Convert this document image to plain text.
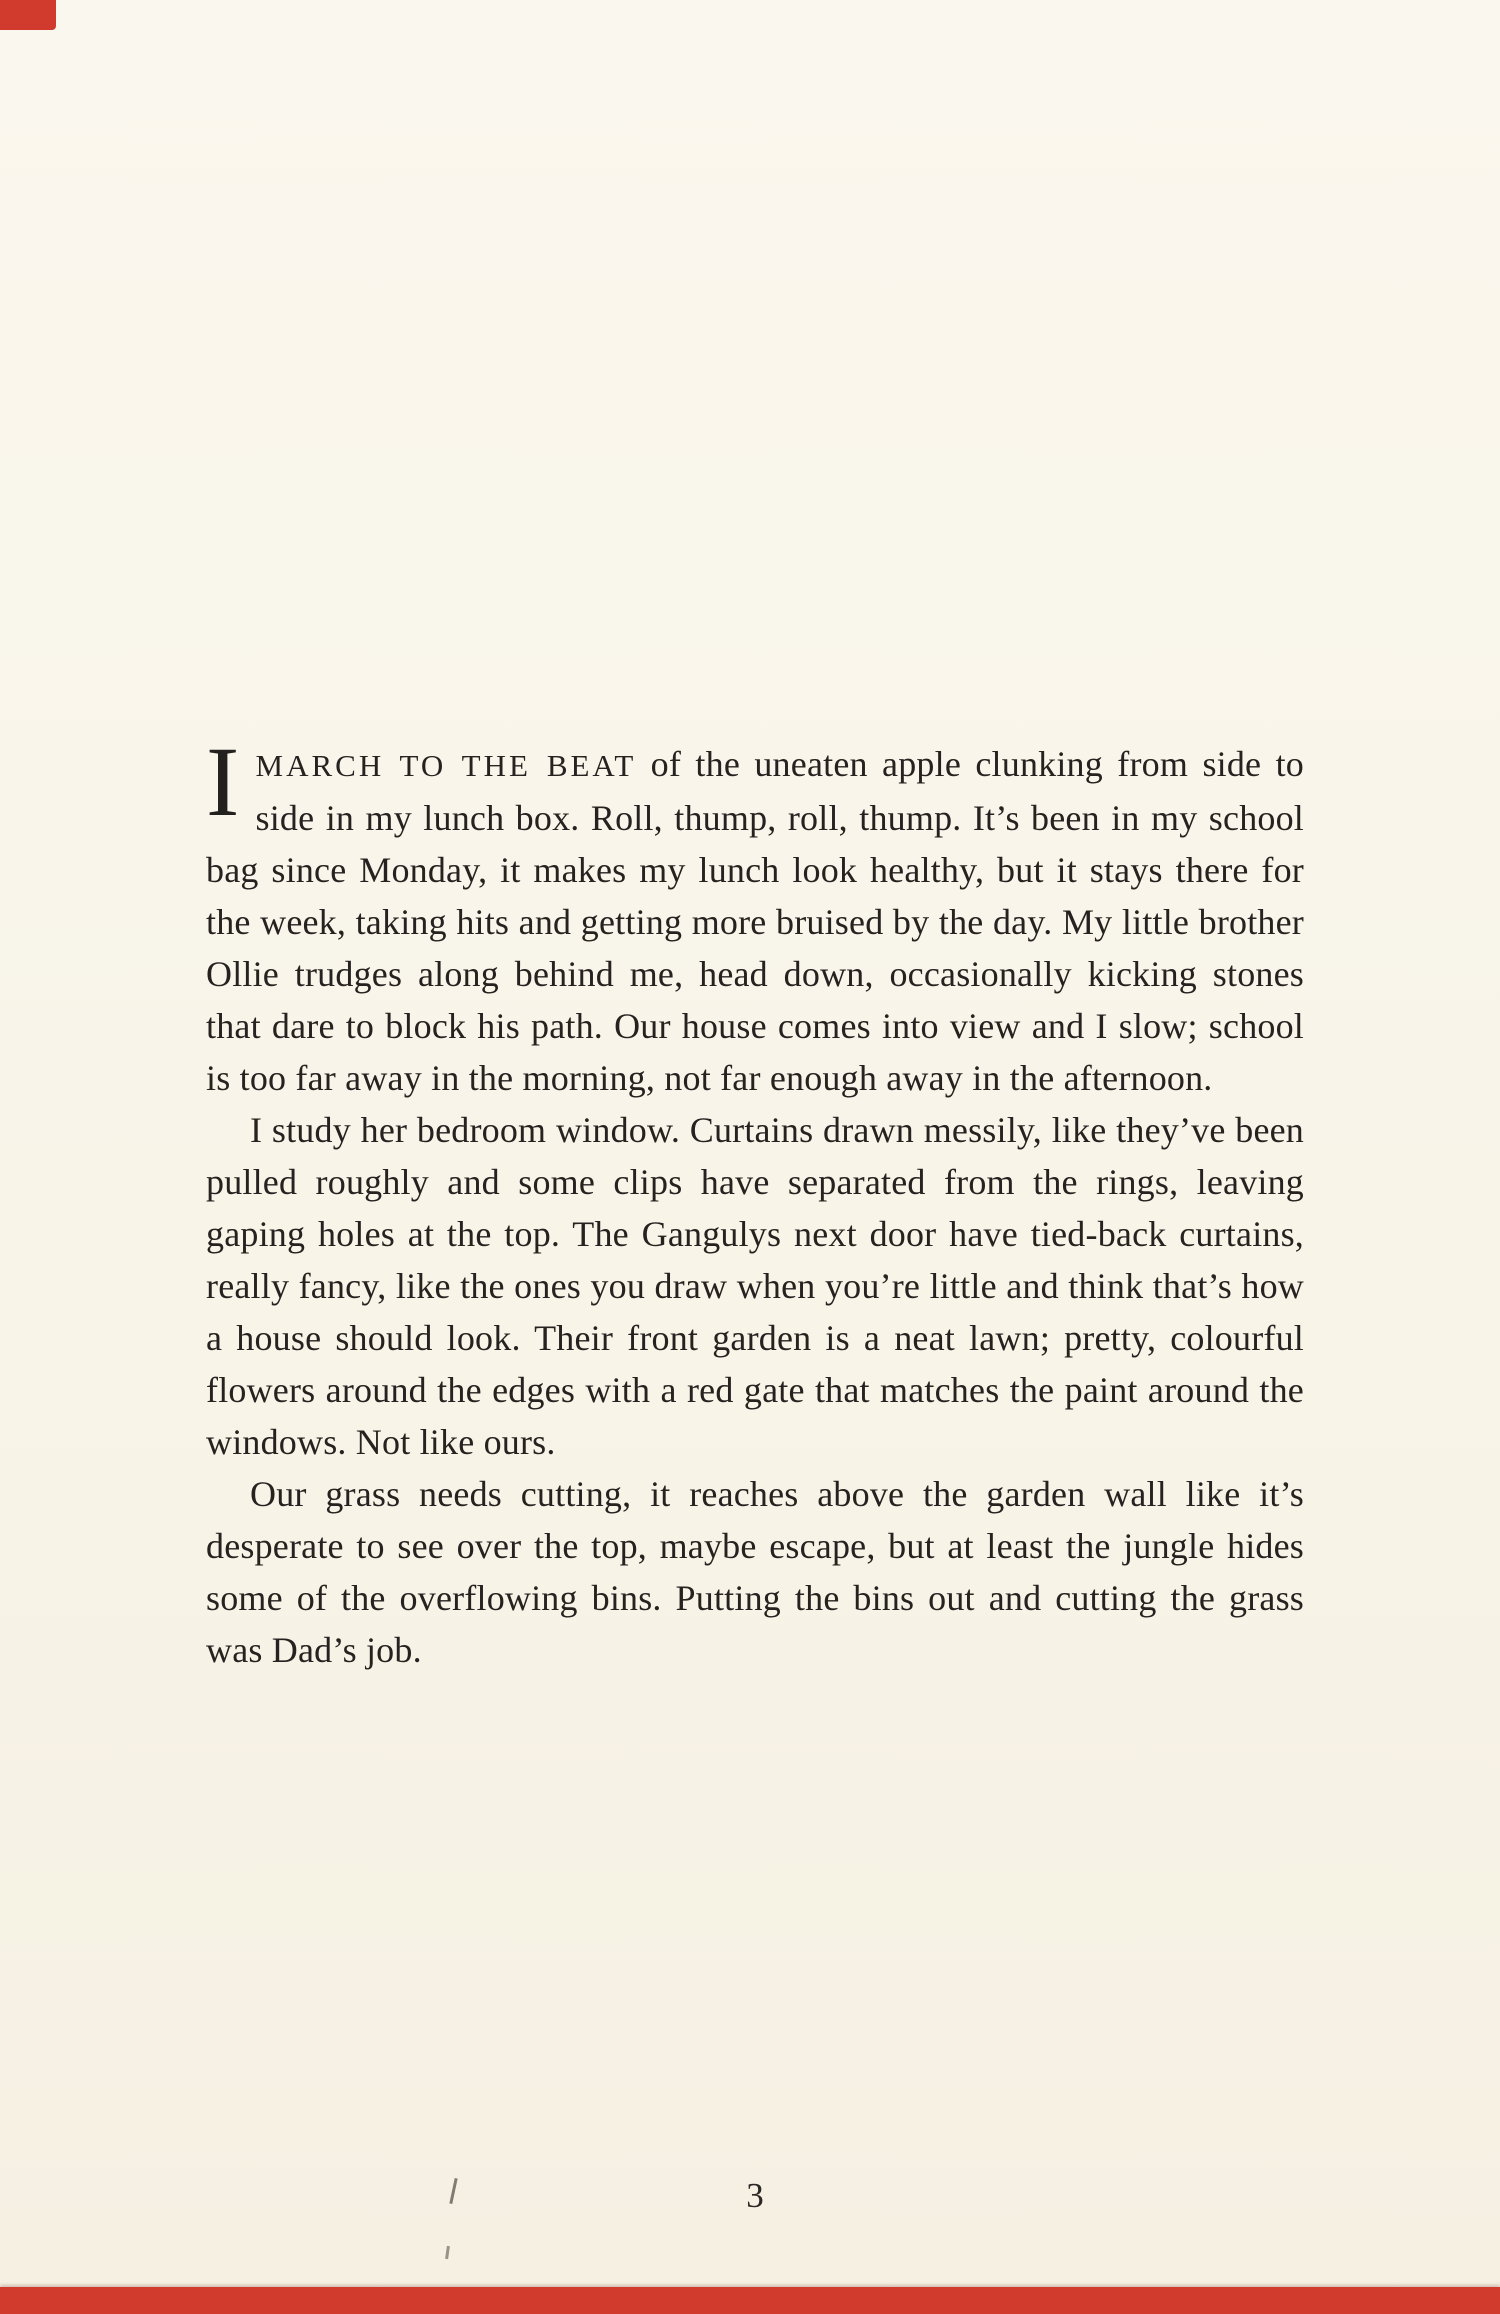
IMARCH TO THE BEAT of the uneaten apple clunking from side to side in my lunch box. Roll, thump, roll, thump. It’s been in my school bag since Monday, it makes my lunch look healthy, but it stays there for the week, taking hits and getting more bruised by the day. My little brother Ollie trudges along behind me, head down, occasionally kicking stones that dare to block his path. Our house comes into view and I slow; school is too far away in the morning, not far enough away in the afternoon.

I study her bedroom window. Curtains drawn messily, like they’ve been pulled roughly and some clips have separated from the rings, leaving gaping holes at the top. The Gangulys next door have tied-back curtains, really fancy, like the ones you draw when you’re little and think that’s how a house should look. Their front garden is a neat lawn; pretty, colourful flowers around the edges with a red gate that matches the paint around the windows. Not like ours.

Our grass needs cutting, it reaches above the garden wall like it’s desperate to see over the top, maybe escape, but at least the jungle hides some of the overflowing bins. Putting the bins out and cutting the grass was Dad’s job.

3
